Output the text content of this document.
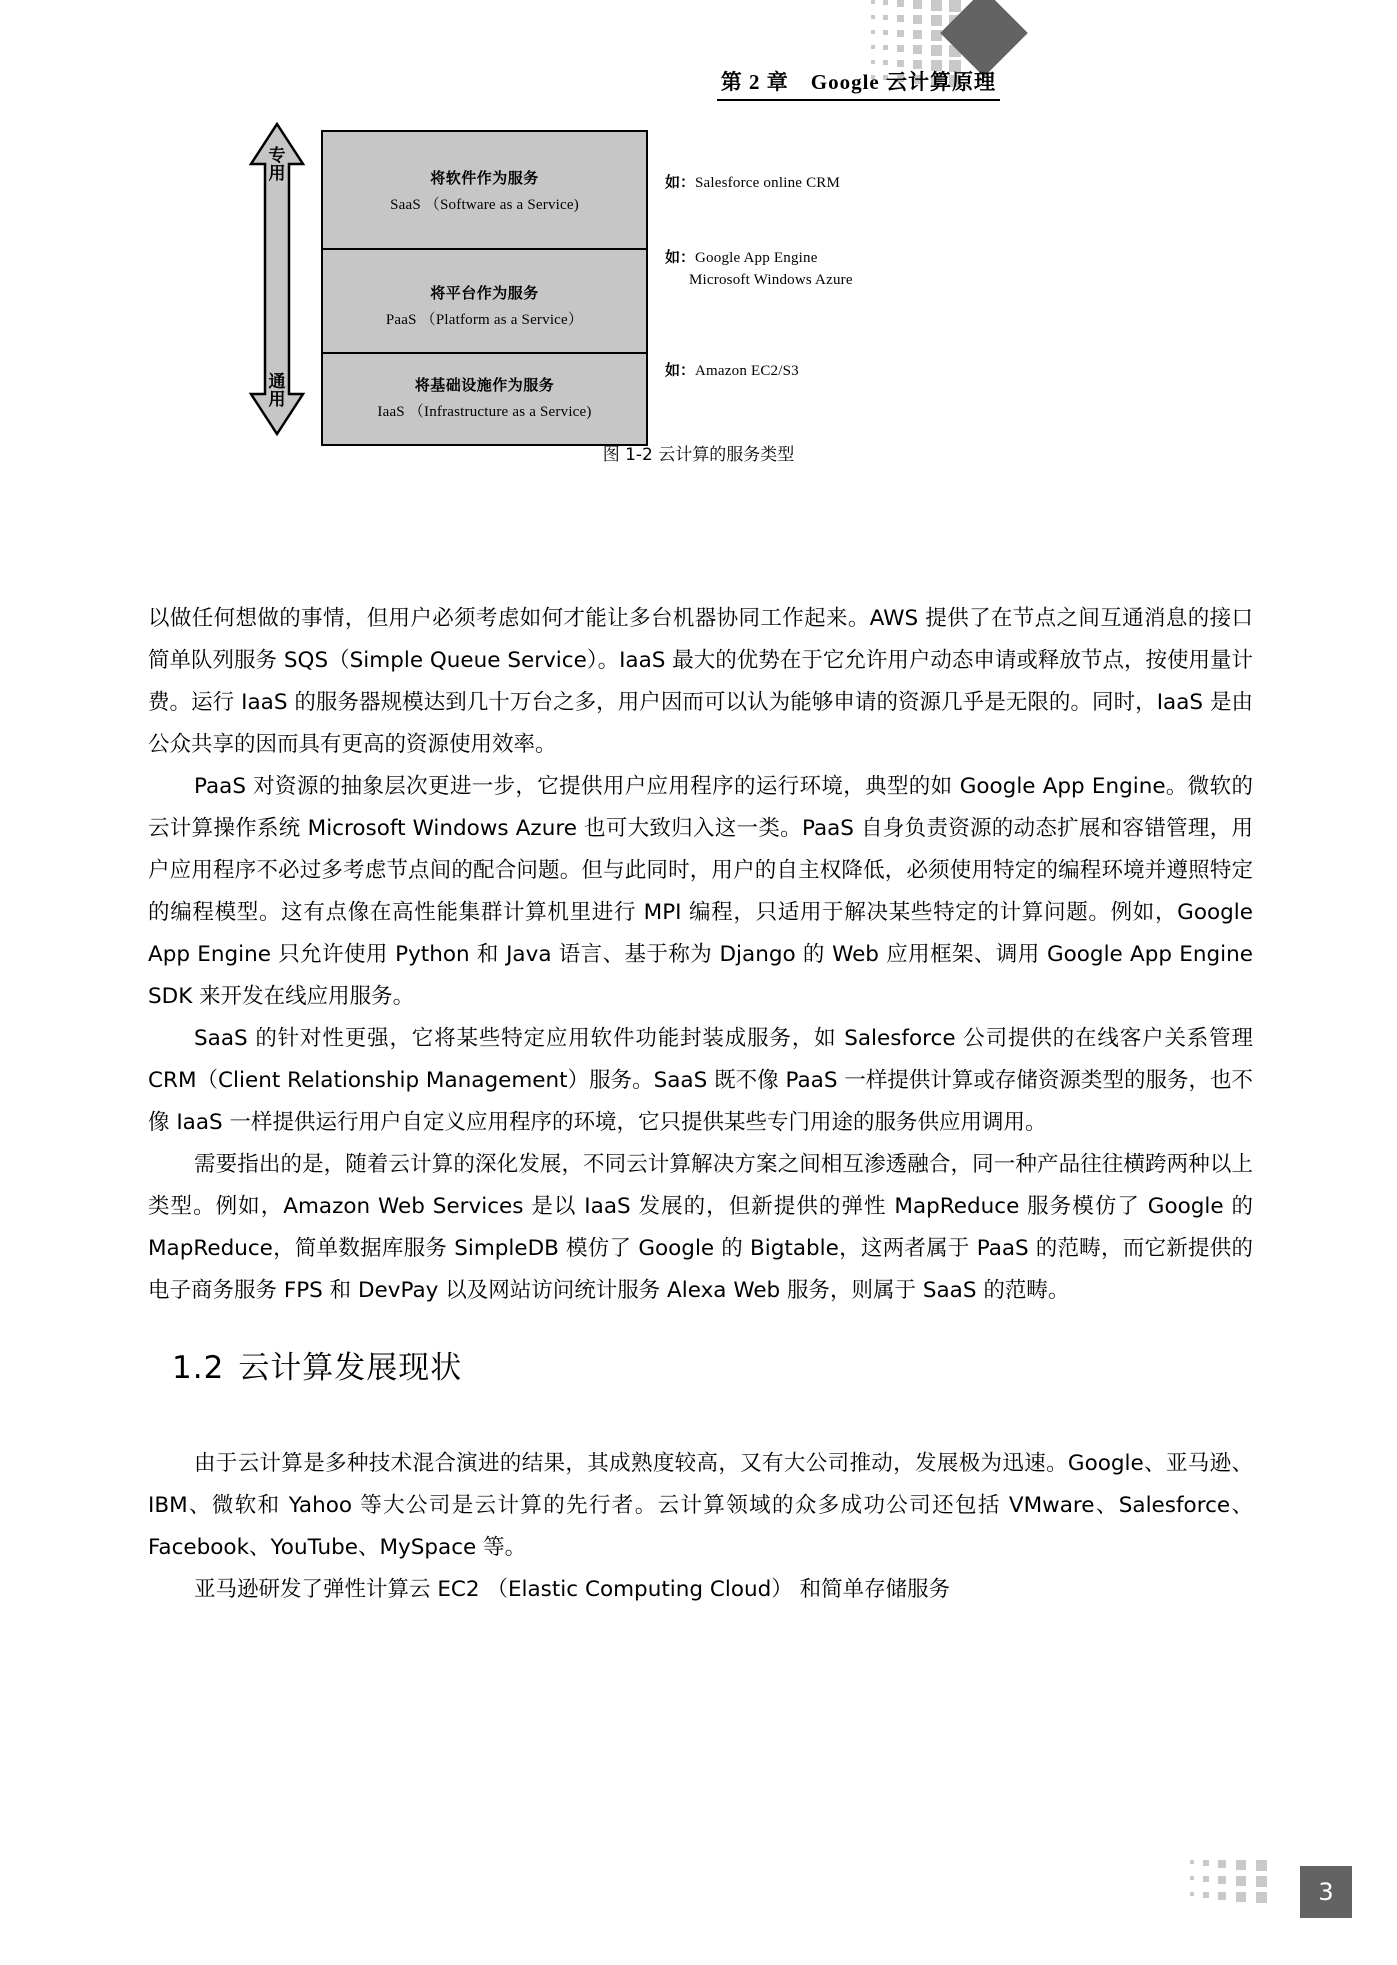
第 2 章　Google 云计算原理
专用
通用
将软件作为服务
SaaS （Software as a Service)
将平台作为服务
PaaS （Platform as a Service）
将基础设施作为服务
IaaS （Infrastructure as a Service)
如：Salesforce online CRM
如：Google App Engine
Microsoft Windows Azure
如：Amazon EC2/S3
图 1-2 云计算的服务类型

以做任何想做的事情，但用户必须考虑如何才能让多台机器协同工作起来。AWS 提供了在节点之间互通消息的接口简单队列服务 SQS（Simple Queue Service）。IaaS 最大的优势在于它允许用户动态申请或释放节点，按使用量计费。运行 IaaS 的服务器规模达到几十万台之多，用户因而可以认为能够申请的资源几乎是无限的。同时，IaaS 是由公众共享的因而具有更高的资源使用效率。

PaaS 对资源的抽象层次更进一步，它提供用户应用程序的运行环境，典型的如 Google App Engine。微软的云计算操作系统 Microsoft Windows Azure 也可大致归入这一类。PaaS 自身负责资源的动态扩展和容错管理，用户应用程序不必过多考虑节点间的配合问题。但与此同时，用户的自主权降低，必须使用特定的编程环境并遵照特定的编程模型。这有点像在高性能集群计算机里进行 MPI 编程，只适用于解决某些特定的计算问题。例如，Google App Engine 只允许使用 Python 和 Java 语言、基于称为 Django 的 Web 应用框架、调用 Google App Engine SDK 来开发在线应用服务。

SaaS 的针对性更强，它将某些特定应用软件功能封装成服务，如 Salesforce 公司提供的在线客户关系管理 CRM（Client Relationship Management）服务。SaaS 既不像 PaaS 一样提供计算或存储资源类型的服务，也不像 IaaS 一样提供运行用户自定义应用程序的环境，它只提供某些专门用途的服务供应用调用。

需要指出的是，随着云计算的深化发展，不同云计算解决方案之间相互渗透融合，同一种产品往往横跨两种以上类型。例如，Amazon Web Services 是以 IaaS 发展的，但新提供的弹性 MapReduce 服务模仿了 Google 的 MapReduce，简单数据库服务 SimpleDB 模仿了 Google 的 Bigtable，这两者属于 PaaS 的范畴，而它新提供的电子商务服务 FPS 和 DevPay 以及网站访问统计服务 Alexa Web 服务，则属于 SaaS 的范畴。

1.2 云计算发展现状

由于云计算是多种技术混合演进的结果，其成熟度较高，又有大公司推动，发展极为迅速。Google、亚马逊、IBM、微软和 Yahoo 等大公司是云计算的先行者。云计算领域的众多成功公司还包括 VMware、Salesforce、Facebook、YouTube、MySpace 等。

亚马逊研发了弹性计算云 EC2 （Elastic Computing Cloud） 和简单存储服务

3
